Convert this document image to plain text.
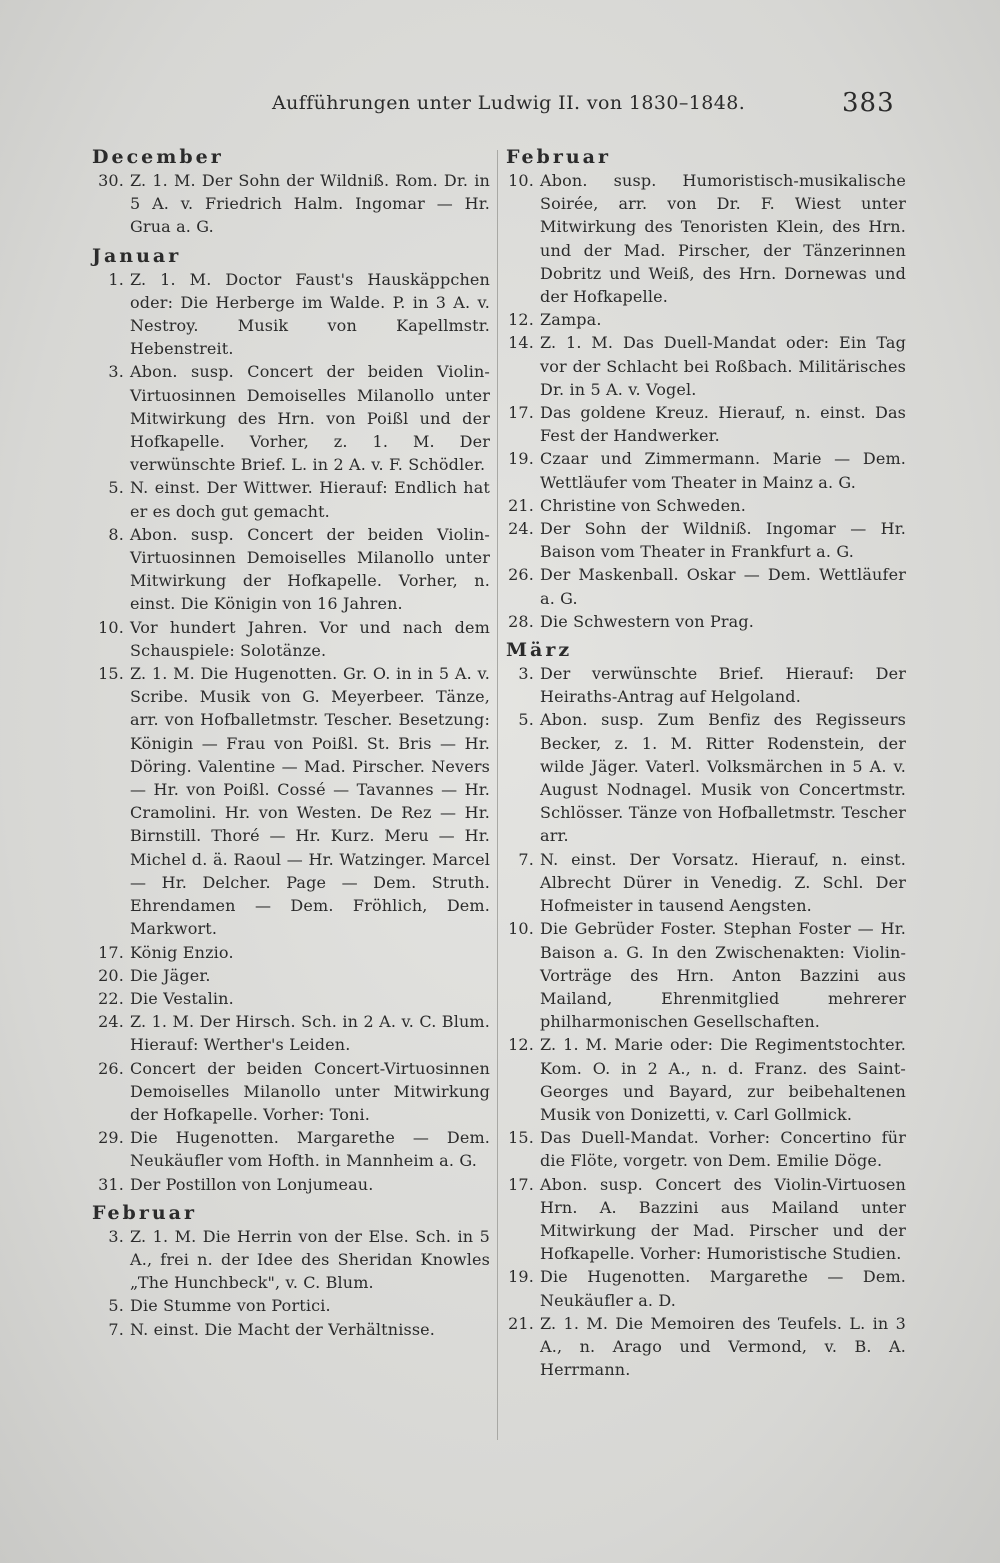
Aufführungen unter Ludwig II. von 1830–1848.	383
December
30. Z. 1. M. Der Sohn der Wildniß. Rom. Dr. in 5 A. v. Friedrich Halm. Ingomar — Hr. Grua a. G.
Januar
1. Z. 1. M. Doctor Faust's Hauskäppchen oder: Die Herberge im Walde. P. in 3 A. v. Nestroy. Musik von Kapellmstr. Hebenstreit.
3. Abon. susp. Concert der beiden Violin-Virtuosinnen Demoiselles Milanollo unter Mitwirkung des Hrn. von Poißl und der Hofkapelle. Vorher, z. 1. M. Der verwünschte Brief. L. in 2 A. v. F. Schödler.
5. N. einst. Der Wittwer. Hierauf: Endlich hat er es doch gut gemacht.
8. Abon. susp. Concert der beiden Violin-Virtuosinnen Demoiselles Milanollo unter Mitwirkung der Hofkapelle. Vorher, n. einst. Die Königin von 16 Jahren.
10. Vor hundert Jahren. Vor und nach dem Schauspiele: Solotänze.
15. Z. 1. M. Die Hugenotten. Gr. O. in in 5 A. v. Scribe. Musik von G. Meyerbeer. Tänze, arr. von Hofballetmstr. Tescher. Besetzung: Königin — Frau von Poißl. St. Bris — Hr. Döring. Valentine — Mad. Pirscher. Nevers — Hr. von Poißl. Cossé — Tavannes — Hr. Cramolini. Hr. von Westen. De Rez — Hr. Birnstill. Thoré — Hr. Kurz. Meru — Hr. Michel d. ä. Raoul — Hr. Watzinger. Marcel — Hr. Delcher. Page — Dem. Struth. Ehrendamen — Dem. Fröhlich, Dem. Markwort.
17. König Enzio.
20. Die Jäger.
22. Die Vestalin.
24. Z. 1. M. Der Hirsch. Sch. in 2 A. v. C. Blum. Hierauf: Werther's Leiden.
26. Concert der beiden Concert-Virtuosinnen Demoiselles Milanollo unter Mitwirkung der Hofkapelle. Vorher: Toni.
29. Die Hugenotten. Margarethe — Dem. Neukäufler vom Hofth. in Mannheim a. G.
31. Der Postillon von Lonjumeau.
Februar
3. Z. 1. M. Die Herrin von der Else. Sch. in 5 A., frei n. der Idee des Sheridan Knowles „The Hunchbeck", v. C. Blum.
5. Die Stumme von Portici.
7. N. einst. Die Macht der Verhältnisse.
Februar
10. Abon. susp. Humoristisch-musikalische Soirée, arr. von Dr. F. Wiest unter Mitwirkung des Tenoristen Klein, des Hrn. und der Mad. Pirscher, der Tänzerinnen Dobritz und Weiß, des Hrn. Dornewas und der Hofkapelle.
12. Zampa.
14. Z. 1. M. Das Duell-Mandat oder: Ein Tag vor der Schlacht bei Roßbach. Militärisches Dr. in 5 A. v. Vogel.
17. Das goldene Kreuz. Hierauf, n. einst. Das Fest der Handwerker.
19. Czaar und Zimmermann. Marie — Dem. Wettläufer vom Theater in Mainz a. G.
21. Christine von Schweden.
24. Der Sohn der Wildniß. Ingomar — Hr. Baison vom Theater in Frankfurt a. G.
26. Der Maskenball. Oskar — Dem. Wettläufer a. G.
28. Die Schwestern von Prag.
März
3. Der verwünschte Brief. Hierauf: Der Heiraths-Antrag auf Helgoland.
5. Abon. susp. Zum Benfiz des Regisseurs Becker, z. 1. M. Ritter Rodenstein, der wilde Jäger. Vaterl. Volksmärchen in 5 A. v. August Nodnagel. Musik von Concertmstr. Schlösser. Tänze von Hofballetmstr. Tescher arr.
7. N. einst. Der Vorsatz. Hierauf, n. einst. Albrecht Dürer in Venedig. Z. Schl. Der Hofmeister in tausend Aengsten.
10. Die Gebrüder Foster. Stephan Foster — Hr. Baison a. G. In den Zwischenakten: Violin-Vorträge des Hrn. Anton Bazzini aus Mailand, Ehrenmitglied mehrerer philharmonischen Gesellschaften.
12. Z. 1. M. Marie oder: Die Regimentstochter. Kom. O. in 2 A., n. d. Franz. des Saint-Georges und Bayard, zur beibehaltenen Musik von Donizetti, v. Carl Gollmick.
15. Das Duell-Mandat. Vorher: Concertino für die Flöte, vorgetr. von Dem. Emilie Döge.
17. Abon. susp. Concert des Violin-Virtuosen Hrn. A. Bazzini aus Mailand unter Mitwirkung der Mad. Pirscher und der Hofkapelle. Vorher: Humoristische Studien.
19. Die Hugenotten. Margarethe — Dem. Neukäufler a. D.
21. Z. 1. M. Die Memoiren des Teufels. L. in 3 A., n. Arago und Vermond, v. B. A. Herrmann.
